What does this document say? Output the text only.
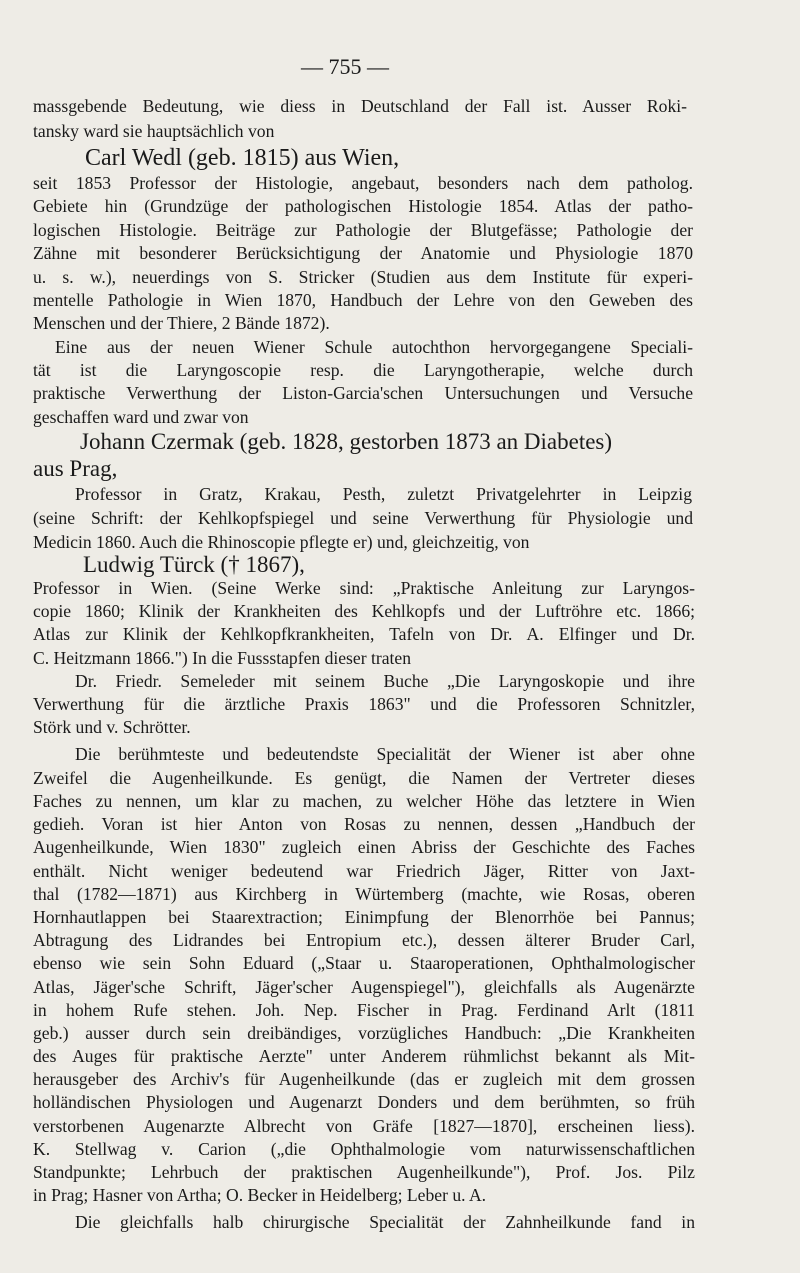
— 755 —
massgebende Bedeutung, wie diess in Deutschland der Fall ist. Ausser Roki-
tansky ward sie hauptsächlich von
Carl Wedl (geb. 1815) aus Wien,
seit 1853 Professor der Histologie, angebaut, besonders nach dem patholog.
Gebiete hin (Grundzüge der pathologischen Histologie 1854. Atlas der patho-
logischen Histologie. Beiträge zur Pathologie der Blutgefässe; Pathologie der
Zähne mit besonderer Berücksichtigung der Anatomie und Physiologie 1870
u. s. w.), neuerdings von S. Stricker (Studien aus dem Institute für experi-
mentelle Pathologie in Wien 1870, Handbuch der Lehre von den Geweben des
Menschen und der Thiere, 2 Bände 1872).
Eine aus der neuen Wiener Schule autochthon hervorgegangene Speciali-
tät ist die Laryngoscopie resp. die Laryngotherapie, welche durch
praktische Verwerthung der Liston-Garcia'schen Untersuchungen und Versuche
geschaffen ward und zwar von
Johann Czermak (geb. 1828, gestorben 1873 an Diabetes)
aus Prag,
Professor in Gratz, Krakau, Pesth, zuletzt Privatgelehrter in Leipzig
(seine Schrift: der Kehlkopfspiegel und seine Verwerthung für Physiologie und
Medicin 1860. Auch die Rhinoscopie pflegte er) und, gleichzeitig, von
Ludwig Türck († 1867),
Professor in Wien. (Seine Werke sind: „Praktische Anleitung zur Laryngos-
copie 1860; Klinik der Krankheiten des Kehlkopfs und der Luftröhre etc. 1866;
Atlas zur Klinik der Kehlkopfkrankheiten, Tafeln von Dr. A. Elfinger und Dr.
C. Heitzmann 1866.") In die Fussstapfen dieser traten
Dr. Friedr. Semeleder mit seinem Buche „Die Laryngoskopie und ihre
Verwerthung für die ärztliche Praxis 1863" und die Professoren Schnitzler,
Störk und v. Schrötter.
Die berühmteste und bedeutendste Specialität der Wiener ist aber ohne
Zweifel die Augenheilkunde. Es genügt, die Namen der Vertreter dieses
Faches zu nennen, um klar zu machen, zu welcher Höhe das letztere in Wien
gedieh. Voran ist hier Anton von Rosas zu nennen, dessen „Handbuch der
Augenheilkunde, Wien 1830" zugleich einen Abriss der Geschichte des Faches
enthält. Nicht weniger bedeutend war Friedrich Jäger, Ritter von Jaxt-
thal (1782—1871) aus Kirchberg in Würtemberg (machte, wie Rosas, oberen
Hornhautlappen bei Staarextraction; Einimpfung der Blenorrhöe bei Pannus;
Abtragung des Lidrandes bei Entropium etc.), dessen älterer Bruder Carl,
ebenso wie sein Sohn Eduard („Staar u. Staaroperationen, Ophthalmologischer
Atlas, Jäger'sche Schrift, Jäger'scher Augenspiegel"), gleichfalls als Augenärzte
in hohem Rufe stehen. Joh. Nep. Fischer in Prag. Ferdinand Arlt (1811
geb.) ausser durch sein dreibändiges, vorzügliches Handbuch: „Die Krankheiten
des Auges für praktische Aerzte" unter Anderem rühmlichst bekannt als Mit-
herausgeber des Archiv's für Augenheilkunde (das er zugleich mit dem grossen
holländischen Physiologen und Augenarzt Donders und dem berühmten, so früh
verstorbenen Augenarzte Albrecht von Gräfe [1827—1870], erscheinen liess).
K. Stellwag v. Carion („die Ophthalmologie vom naturwissenschaftlichen
Standpunkte; Lehrbuch der praktischen Augenheilkunde"), Prof. Jos. Pilz
in Prag; Hasner von Artha; O. Becker in Heidelberg; Leber u. A.
Die gleichfalls halb chirurgische Specialität der Zahnheilkunde fand in
